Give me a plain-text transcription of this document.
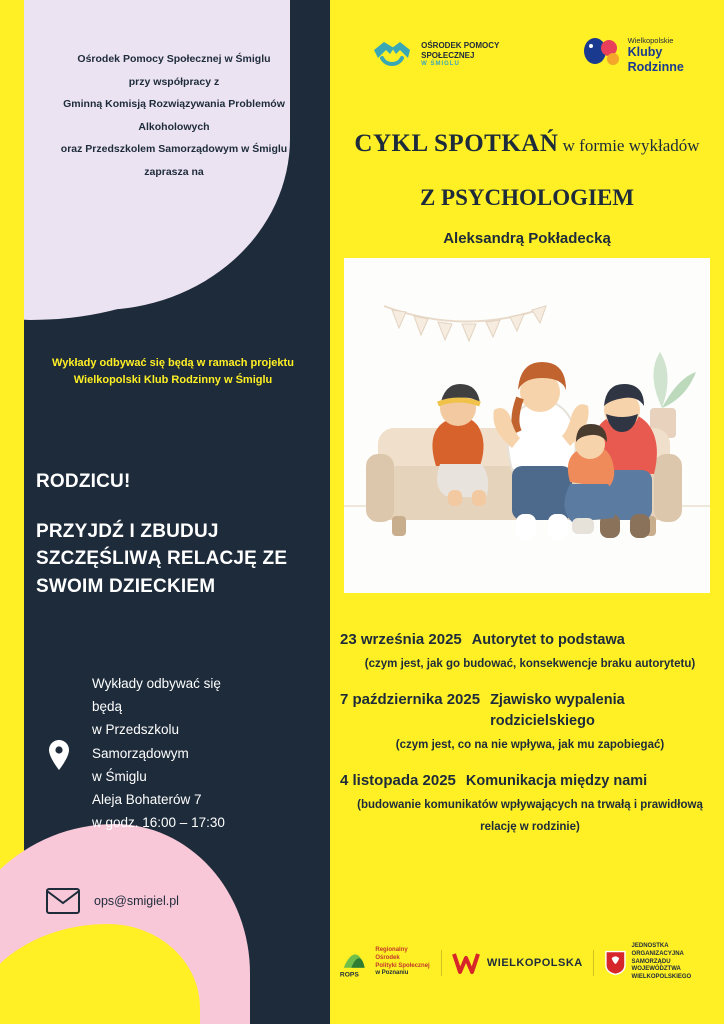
Ośrodek Pomocy Społecznej w Śmiglu
przy współpracy z
Gminną Komisją Rozwiązywania Problemów
Alkoholowych
oraz Przedszkolem Samorządowym w Śmiglu
zaprasza na
Wykłady odbywać się będą w ramach projektu Wielkopolski Klub Rodzinny w Śmiglu
RODZICU!
PRZYJDŹ I ZBUDUJ SZCZĘŚLIWĄ RELACJĘ ZE SWOIM DZIECKIEM
Wykłady odbywać się
będą
w Przedszkolu
Samorządowym
w Śmiglu
Aleja Bohaterów 7
w godz. 16:00 – 17:30
ops@smigiel.pl
OŚRODEK POMOCY
SPOŁECZNEJ
W ŚMIGLU
Wielkopolskie
Kluby
Rodzinne
CYKL SPOTKAŃ w formie wykładów
Z PSYCHOLOGIEM
Aleksandrą Pokładecką
23 września 2025 Autorytet to podstawa
(czym jest, jak go budować, konsekwencje braku autorytetu)
7 października 2025 Zjawisko wypalenia rodzicielskiego
(czym jest, co na nie wpływa, jak mu zapobiegać)
4 listopada 2025 Komunikacja między nami
(budowanie komunikatów wpływających na trwałą i prawidłową relację w rodzinie)
ROPS
Regionalny Ośrodek
Polityki Społecznej
w Poznaniu
WIELKOPOLSKA
JEDNOSTKA ORGANIZACYJNA
SAMORZĄDU
WOJEWÓDZTWA
WIELKOPOLSKIEGO
